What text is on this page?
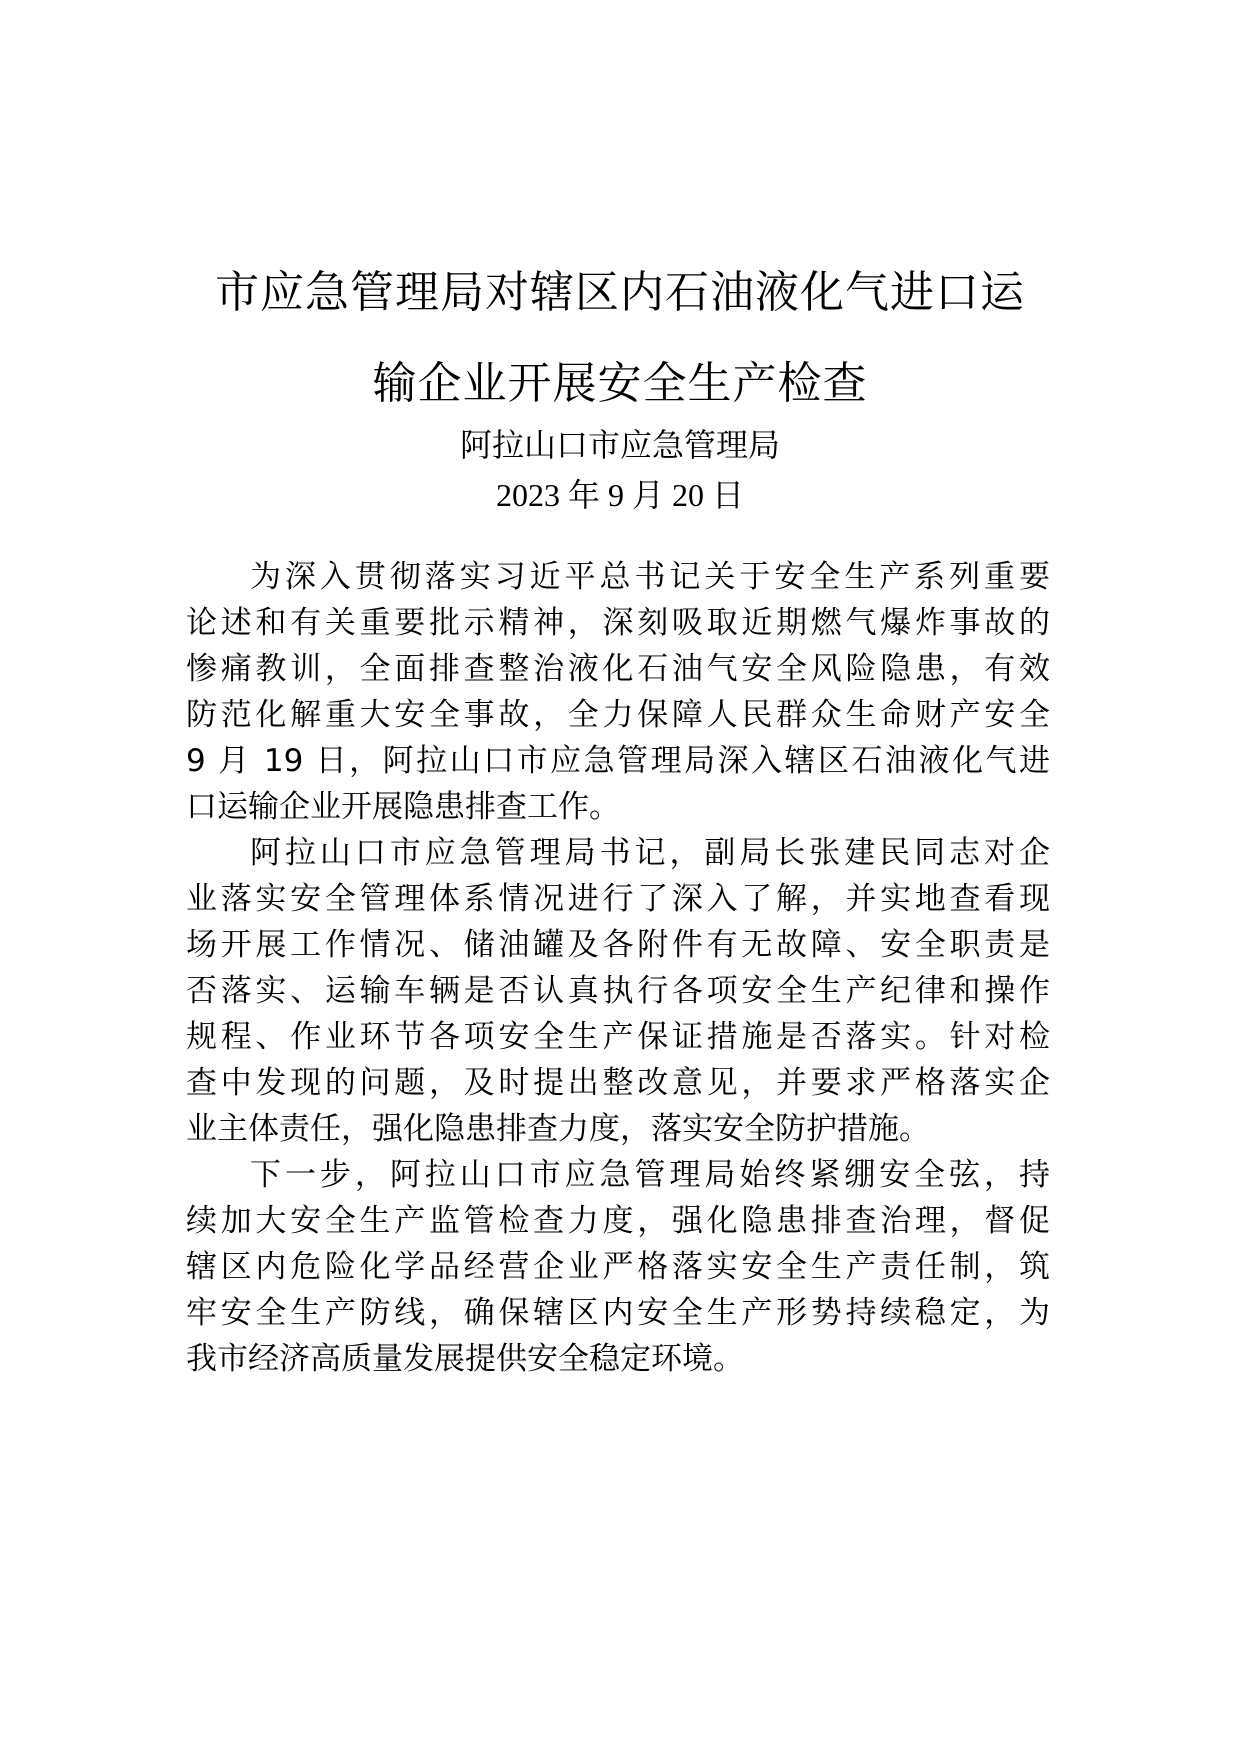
市应急管理局对辖区内石油液化气进口运
输企业开展安全生产检查
阿拉山口市应急管理局
2023 年 9 月 20 日
为深入贯彻落实习近平总书记关于安全生产系列重要
论述和有关重要批示精神，深刻吸取近期燃气爆炸事故的
惨痛教训，全面排查整治液化石油气安全风险隐患，有效
防范化解重大安全事故，全力保障人民群众生命财产安全
9 月 19 日，阿拉山口市应急管理局深入辖区石油液化气进
口运输企业开展隐患排查工作。
阿拉山口市应急管理局书记，副局长张建民同志对企
业落实安全管理体系情况进行了深入了解，并实地查看现
场开展工作情况、储油罐及各附件有无故障、安全职责是
否落实、运输车辆是否认真执行各项安全生产纪律和操作
规程、作业环节各项安全生产保证措施是否落实。针对检
查中发现的问题，及时提出整改意见，并要求严格落实企
业主体责任，强化隐患排查力度，落实安全防护措施。
下一步，阿拉山口市应急管理局始终紧绷安全弦，持
续加大安全生产监管检查力度，强化隐患排查治理，督促
辖区内危险化学品经营企业严格落实安全生产责任制，筑
牢安全生产防线，确保辖区内安全生产形势持续稳定，为
我市经济高质量发展提供安全稳定环境。
